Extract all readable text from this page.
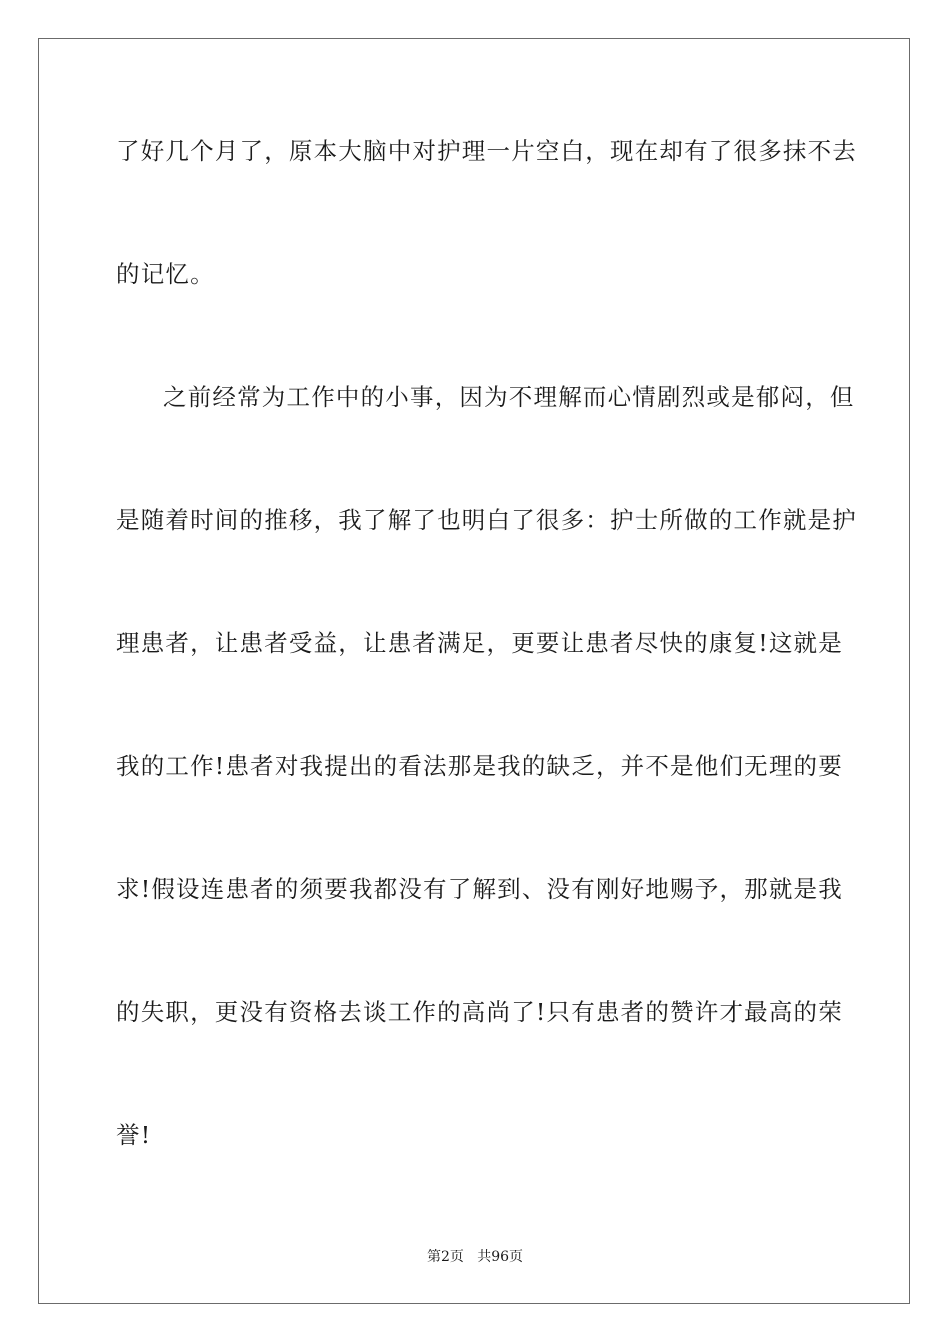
了好几个月了，原本大脑中对护理一片空白，现在却有了很多抹不去
的记忆。
之前经常为工作中的小事，因为不理解而心情剧烈或是郁闷，但
是随着时间的推移，我了解了也明白了很多：护士所做的工作就是护
理患者，让患者受益，让患者满足，更要让患者尽快的康复!这就是
我的工作!患者对我提出的看法那是我的缺乏，并不是他们无理的要
求!假设连患者的须要我都没有了解到、没有刚好地赐予，那就是我
的失职，更没有资格去谈工作的高尚了!只有患者的赞许才最高的荣
誉!
第2页   共96页
